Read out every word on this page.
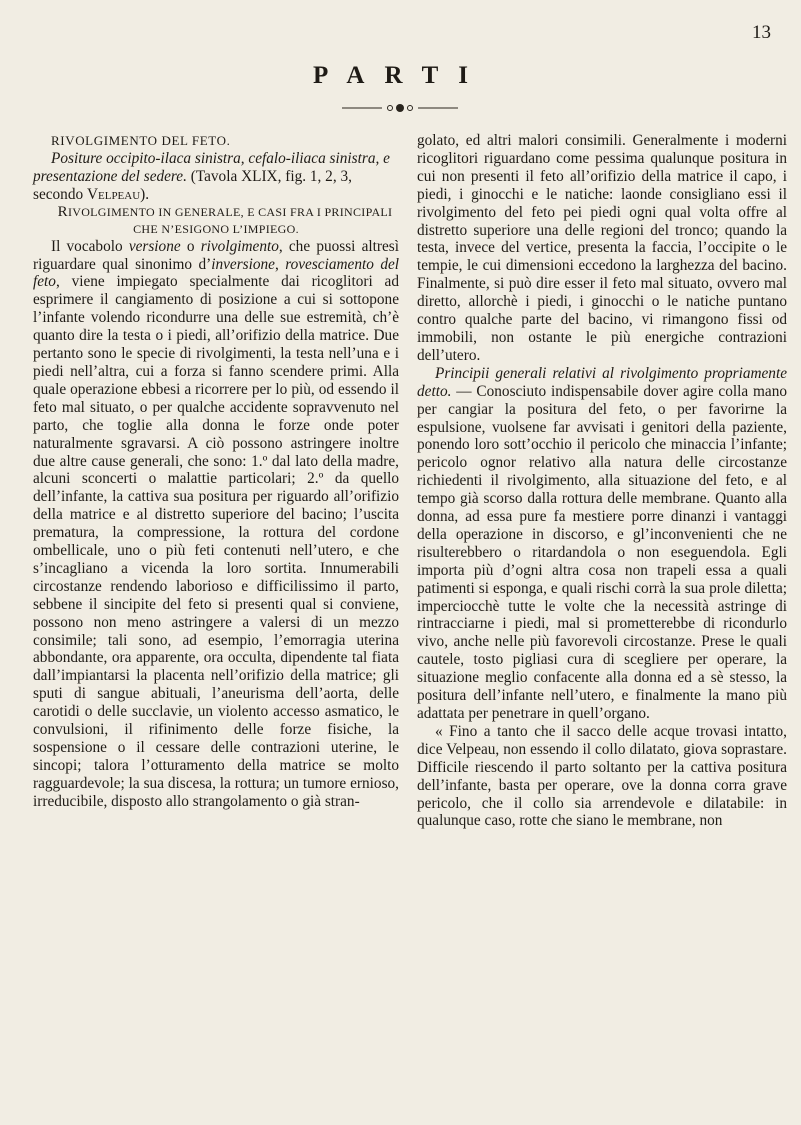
13
PARTI

RIVOLGIMENTO DEL FETO.

Positure occipito-ilaca sinistra, cefalo-iliaca sinistra, e presentazione del sedere. (Tavola XLIX, fig. 1, 2, 3, secondo Velpeau).

RIVOLGIMENTO IN GENERALE, E CASI FRA I PRINCIPALI CHE N’ESIGONO L’IMPIEGO.

Il vocabolo versione o rivolgimento, che puossi altresì riguardare qual sinonimo d’inversione, rovesciamento del feto, viene impiegato specialmente dai ricoglitori ad esprimere il cangiamento di posizione a cui si sottopone l’infante volendo ricondurre una delle sue estremità, ch’è quanto dire la testa o i piedi, all’orifizio della matrice. Due pertanto sono le specie di rivolgimenti, la testa nell’una e i piedi nell’altra, cui a forza si fanno scendere primi. Alla quale operazione ebbesi a ricorrere per lo più, od essendo il feto mal situato, o per qualche accidente sopravvenuto nel parto, che toglie alla donna le forze onde poter naturalmente sgravarsi. A ciò possono astringere inoltre due altre cause generali, che sono: 1.º dal lato della madre, alcuni sconcerti o malattie particolari; 2.º da quello dell’infante, la cattiva sua positura per riguardo all’orifizio della matrice e al distretto superiore del bacino; l’uscita prematura, la compressione, la rottura del cordone ombellicale, uno o più feti contenuti nell’utero, e che s’incagliano a vicenda la loro sortita. Innumerabili circostanze rendendo laborioso e difficilissimo il parto, sebbene il sincipite del feto si presenti qual si conviene, possono non meno astringere a valersi di un mezzo consimile; tali sono, ad esempio, l’emorragia uterina abbondante, ora apparente, ora occulta, dipendente tal fiata dall’impiantarsi la placenta nell’orifizio della matrice; gli sputi di sangue abituali, l’aneurisma dell’aorta, delle carotidi o delle succlavie, un violento accesso asmatico, le convulsioni, il rifinimento delle forze fisiche, la sospensione o il cessare delle contrazioni uterine, le sincopi; talora l’otturamento della matrice se molto ragguardevole; la sua discesa, la rottura; un tumore ernioso, irreducibile, disposto allo strangolamento o già stran-

golato, ed altri malori consimili. Generalmente i moderni ricoglitori riguardano come pessima qualunque positura in cui non presenti il feto all’orifizio della matrice il capo, i piedi, i ginocchi e le natiche: laonde consigliano essi il rivolgimento del feto pei piedi ogni qual volta offre al distretto superiore una delle regioni del tronco; quando la testa, invece del vertice, presenta la faccia, l’occipite o le tempie, le cui dimensioni eccedono la larghezza del bacino. Finalmente, si può dire esser il feto mal situato, ovvero mal diretto, allorchè i piedi, i ginocchi o le natiche puntano contro qualche parte del bacino, vi rimangono fissi od immobili, non ostante le più energiche contrazioni dell’utero.

Principii generali relativi al rivolgimento propriamente detto. — Conosciuto indispensabile dover agire colla mano per cangiar la positura del feto, o per favorirne la espulsione, vuolsene far avvisati i genitori della paziente, ponendo loro sott’occhio il pericolo che minaccia l’infante; pericolo ognor relativo alla natura delle circostanze richiedenti il rivolgimento, alla situazione del feto, e al tempo già scorso dalla rottura delle membrane. Quanto alla donna, ad essa pure fa mestiere porre dinanzi i vantaggi della operazione in discorso, e gl’inconvenienti che ne risulterebbero o ritardandola o non eseguendola. Egli importa più d’ogni altra cosa non trapeli essa a quali patimenti si esponga, e quali rischi corrà la sua prole diletta; imperciocchè tutte le volte che la necessità astringe di rintracciarne i piedi, mal si prometterebbe di ricondurlo vivo, anche nelle più favorevoli circostanze. Prese le quali cautele, tosto pigliasi cura di scegliere per operare, la situazione meglio confacente alla donna ed a sè stesso, la positura dell’infante nell’utero, e finalmente la mano più adattata per penetrare in quell’organo.

« Fino a tanto che il sacco delle acque trovasi intatto, dice Velpeau, non essendo il collo dilatato, giova soprastare. Difficile riescendo il parto soltanto per la cattiva positura dell’infante, basta per operare, ove la donna corra grave pericolo, che il collo sia arrendevole e dilatabile: in qualunque caso, rotte che siano le membrane, non
